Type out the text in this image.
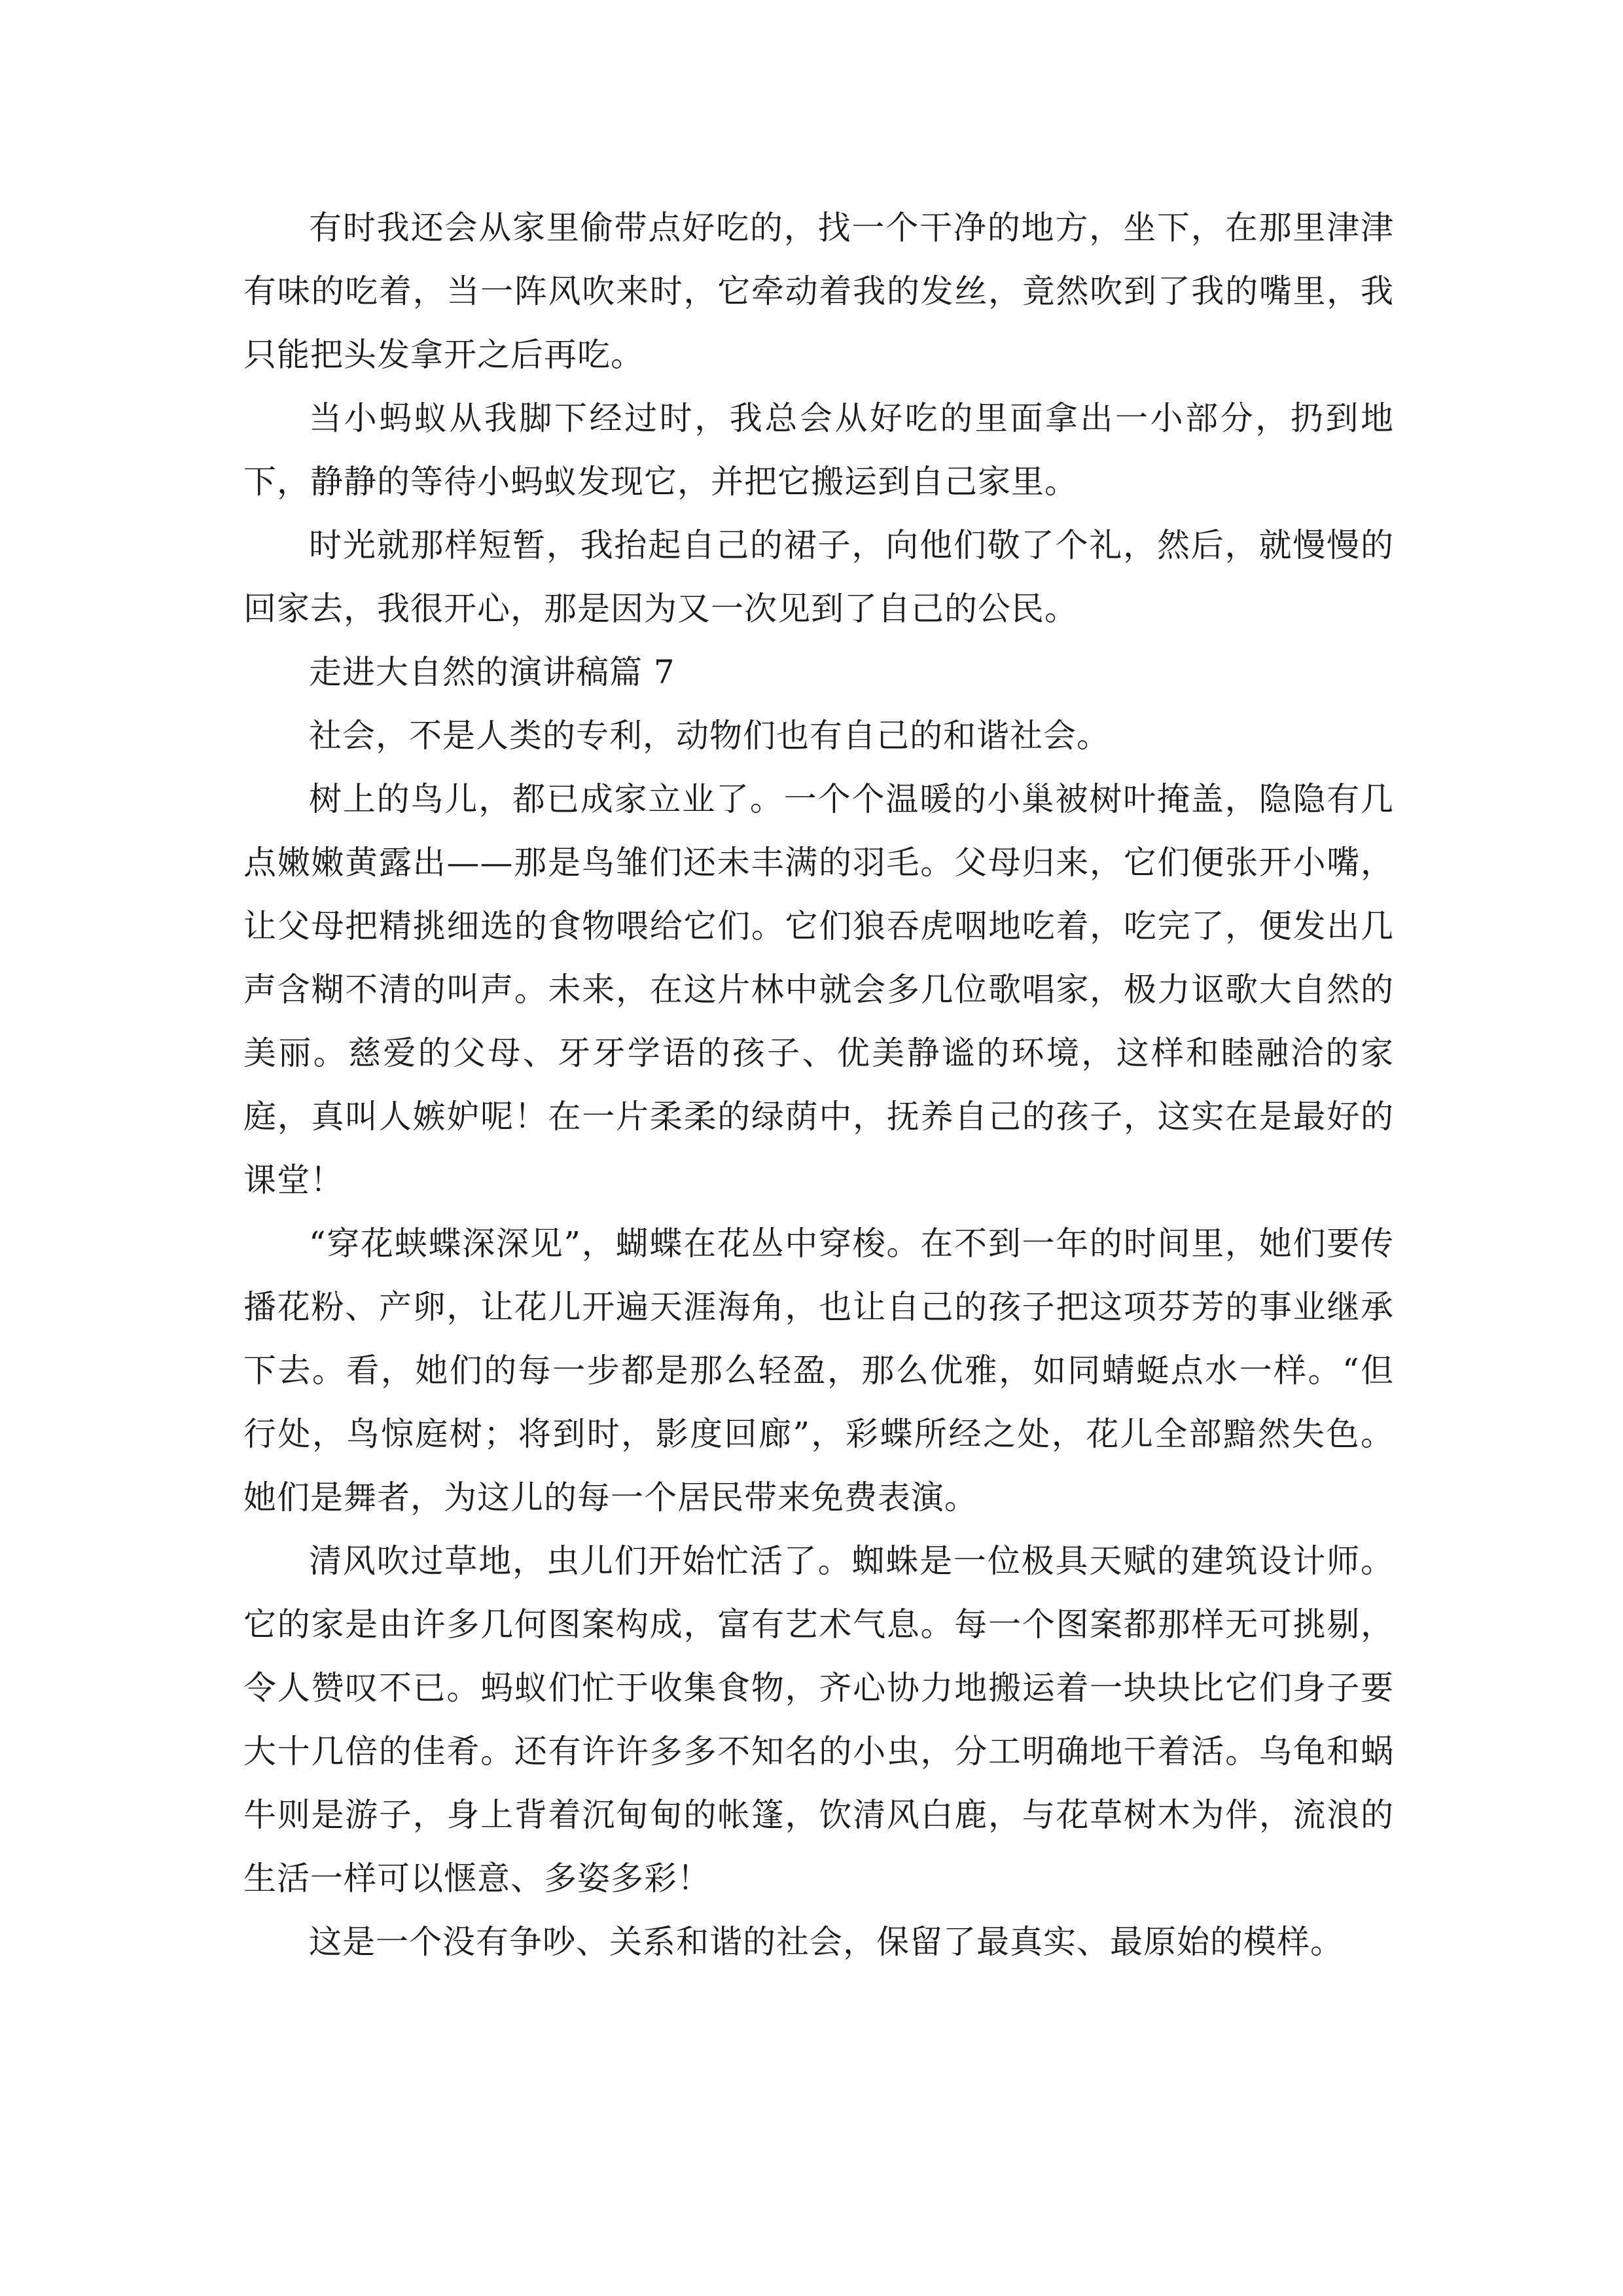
有时我还会从家里偷带点好吃的，找一个干净的地方，坐下，在那里津津有味的吃着，当一阵风吹来时，它牵动着我的发丝，竟然吹到了我的嘴里，我只能把头发拿开之后再吃。

当小蚂蚁从我脚下经过时，我总会从好吃的里面拿出一小部分，扔到地下，静静的等待小蚂蚁发现它，并把它搬运到自己家里。

时光就那样短暂，我抬起自己的裙子，向他们敬了个礼，然后，就慢慢的回家去，我很开心，那是因为又一次见到了自己的公民。

走进大自然的演讲稿篇 7

社会，不是人类的专利，动物们也有自己的和谐社会。

树上的鸟儿，都已成家立业了。一个个温暖的小巢被树叶掩盖，隐隐有几点嫩嫩黄露出——那是鸟雏们还未丰满的羽毛。父母归来，它们便张开小嘴，让父母把精挑细选的食物喂给它们。它们狼吞虎咽地吃着，吃完了，便发出几声含糊不清的叫声。未来，在这片林中就会多几位歌唱家，极力讴歌大自然的美丽。慈爱的父母、牙牙学语的孩子、优美静谧的环境，这样和睦融洽的家庭，真叫人嫉妒呢！在一片柔柔的绿荫中，抚养自己的孩子，这实在是最好的课堂！

“穿花蛱蝶深深见”，蝴蝶在花丛中穿梭。在不到一年的时间里，她们要传播花粉、产卵，让花儿开遍天涯海角，也让自己的孩子把这项芬芳的事业继承下去。看，她们的每一步都是那么轻盈，那么优雅，如同蜻蜓点水一样。“但行处，鸟惊庭树；将到时，影度回廊”，彩蝶所经之处，花儿全部黯然失色。她们是舞者，为这儿的每一个居民带来免费表演。

清风吹过草地，虫儿们开始忙活了。蜘蛛是一位极具天赋的建筑设计师。它的家是由许多几何图案构成，富有艺术气息。每一个图案都那样无可挑剔，令人赞叹不已。蚂蚁们忙于收集食物，齐心协力地搬运着一块块比它们身子要大十几倍的佳肴。还有许许多多不知名的小虫，分工明确地干着活。乌龟和蜗牛则是游子，身上背着沉甸甸的帐篷，饮清风白鹿，与花草树木为伴，流浪的生活一样可以惬意、多姿多彩！

这是一个没有争吵、关系和谐的社会，保留了最真实、最原始的模样。
